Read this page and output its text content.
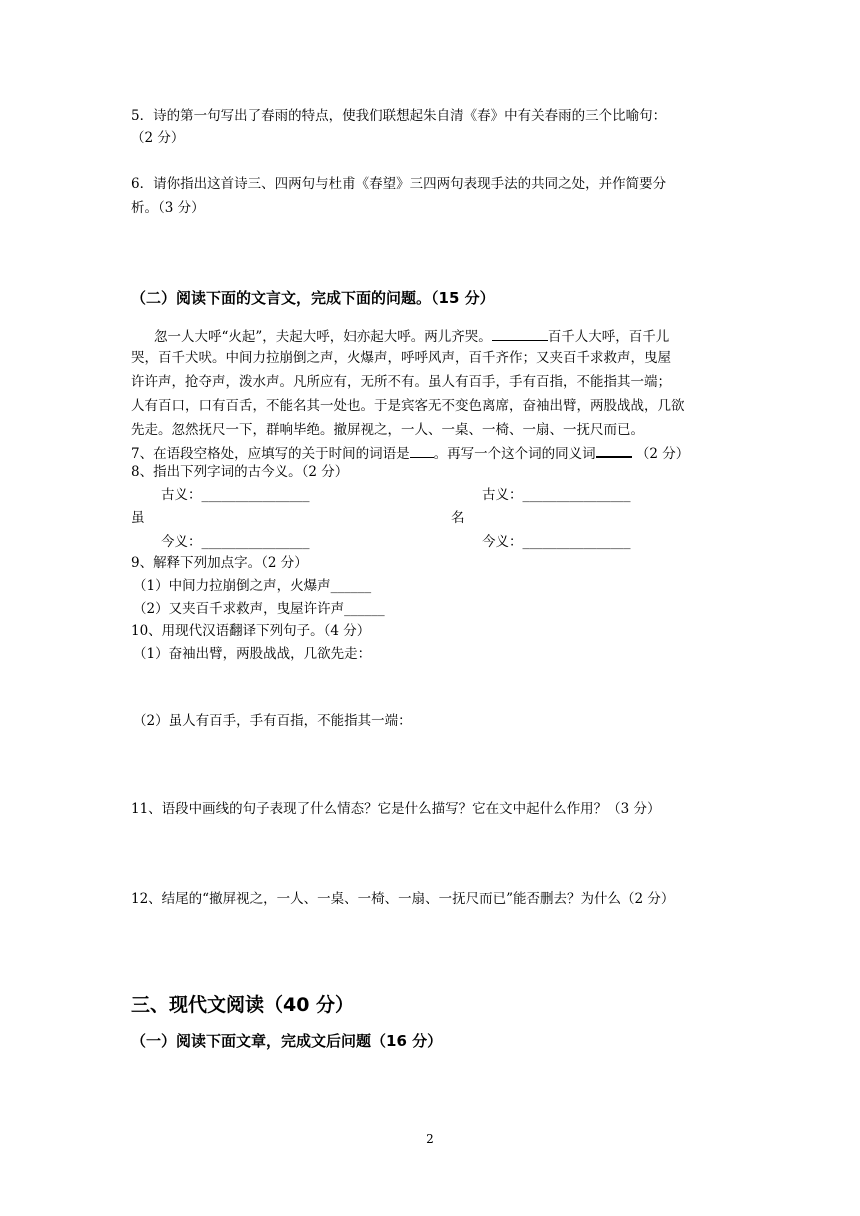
5．诗的第一句写出了春雨的特点，使我们联想起朱自清《春》中有关春雨的三个比喻句：
（2 分）
6．请你指出这首诗三、四两句与杜甫《春望》三四两句表现手法的共同之处，并作简要分
析。（3 分）
（二）阅读下面的文言文，完成下面的问题。（15 分）
忽一人大呼“火起”，夫起大呼，妇亦起大呼。两儿齐哭。	百千人大呼，百千儿
哭，百千犬吠。中间力拉崩倒之声，火爆声，呼呼风声，百千齐作；又夹百千求救声，曳屋
许许声，抢夺声，泼水声。凡所应有，无所不有。虽人有百手，手有百指，不能指其一端；
人有百口，口有百舌，不能名其一处也。于是宾客无不变色离席，奋袖出臂，两股战战，几欲
先走。忽然抚尺一下，群响毕绝。撤屏视之，一人、一桌、一椅、一扇、一抚尺而已。
7、在语段空格处，应填写的关于时间的词语是 。再写一个这个词的同义词	（2 分）
8、指出下列字词的古今义。（2 分）
古义：________________	古义：________________
虽	名
今义：________________	今义：________________
9、解释下列加点字。（2 分）
（1）中间力拉崩倒之声，火爆声______
（2）又夹百千求救声，曳屋许许声______
10、用现代汉语翻译下列句子。（4 分）
（1）奋袖出臂，两股战战，几欲先走：
（2）虽人有百手，手有百指，不能指其一端：
11、语段中画线的句子表现了什么情态？它是什么描写？它在文中起什么作用？（3 分）
12、结尾的“撤屏视之，一人、一桌、一椅、一扇、一抚尺而已”能否删去？为什么（2 分）
三、现代文阅读（40 分）
（一）阅读下面文章，完成文后问题（16 分）
2
